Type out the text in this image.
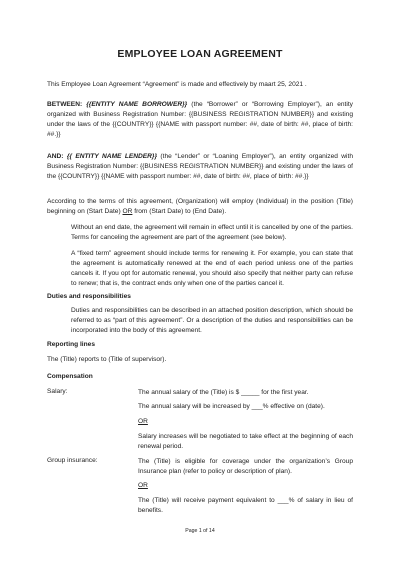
EMPLOYEE LOAN AGREEMENT
This Employee Loan Agreement “Agreement” is made and effectively by maart 25, 2021 .
BETWEEN: {{ENTITY NAME BORROWER}} (the “Borrower” or “Borrowing Employer”), an entity organized with Business Registration Number: {{BUSINESS REGISTRATION NUMBER}} and existing under the laws of the {{COUNTRY}} {{NAME with passport number: ##, date of birth: ##, place of birth: ##.}}
AND: {{ ENTITY NAME LENDER}} (the “Lender” or “Loaning Employer”), an entity organized with Business Registration Number: {{BUSINESS REGISTRATION NUMBER}} and existing under the laws of the {{COUNTRY}} {{NAME with passport number: ##, date of birth: ##, place of birth: ##.}}
According to the terms of this agreement, (Organization) will employ (Individual) in the position (Title) beginning on (Start Date) OR from (Start Date) to (End Date).
Without an end date, the agreement will remain in effect until it is cancelled by one of the parties. Terms for canceling the agreement are part of the agreement (see below).
A “fixed term” agreement should include terms for renewing it. For example, you can state that the agreement is automatically renewed at the end of each period unless one of the parties cancels it. If you opt for automatic renewal, you should also specify that neither party can refuse to renew; that is, the contract ends only when one of the parties cancel it.
Duties and responsibilities
Duties and responsibilities can be described in an attached position description, which should be referred to as “part of this agreement”. Or a description of the duties and responsibilities can be incorporated into the body of this agreement.
Reporting lines
The (Title) reports to (Title of supervisor).
Compensation
Salary:	The annual salary of the (Title) is $ _____ for the first year.
The annual salary will be increased by ___% effective on (date).
OR
Salary increases will be negotiated to take effect at the beginning of each renewal period.
Group insurance:	The (Title) is eligible for coverage under the organization’s Group Insurance plan (refer to policy or description of plan).
OR
The (Title) will receive payment equivalent to ___% of salary in lieu of benefits.
Page 1 of 14
